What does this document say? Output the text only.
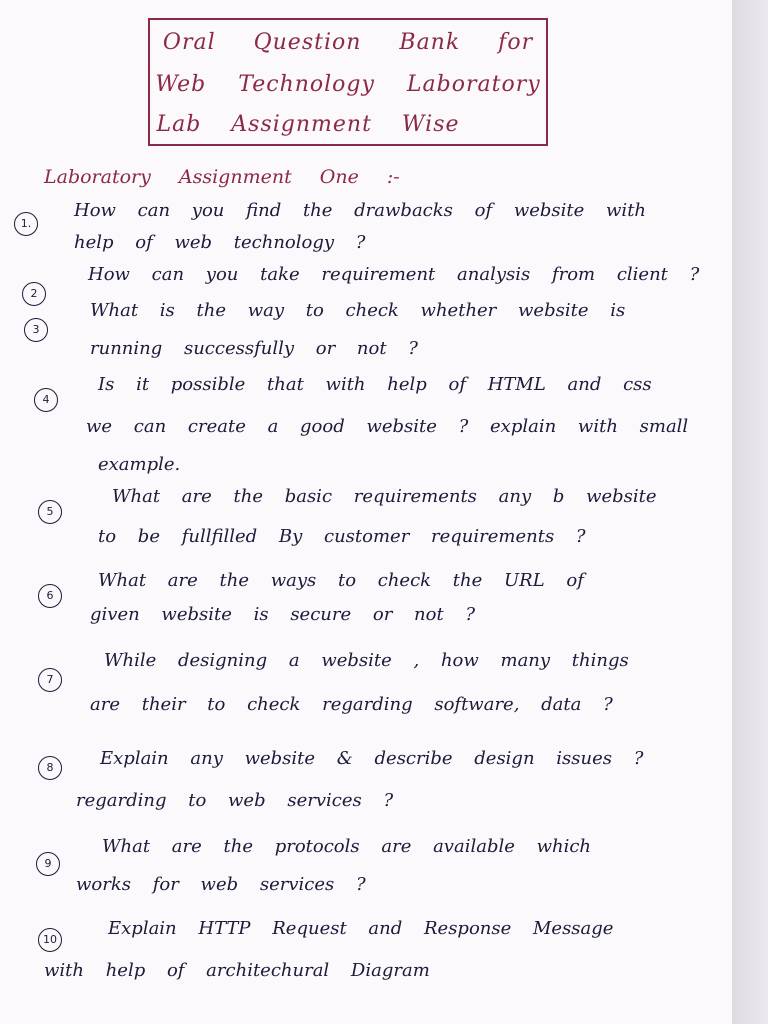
Oral Question Bank for
Web Technology Laboratory
Lab Assignment Wise
Laboratory Assignment One :-
1.
How can you find the drawbacks of website with
help of web technology ?
2
How can you take requirement analysis from client ?
3
What is the way to check whether website is
running successfully or not ?
4
Is it possible that with help of HTML and css
we can create a good website ? explain with small
example.
5
What are the basic requirements any b website
to be fullfilled By customer requirements ?
6
What are the ways to check the URL of
given website is secure or not ?
7
While designing a website , how many things
are their to check regarding software, data ?
8	Explain any website & describe design issues ?
regarding to web services ?
9
What are the protocols are available which
works for web services ?
10
Explain HTTP Request and Response Message
with help of architechural Diagram
